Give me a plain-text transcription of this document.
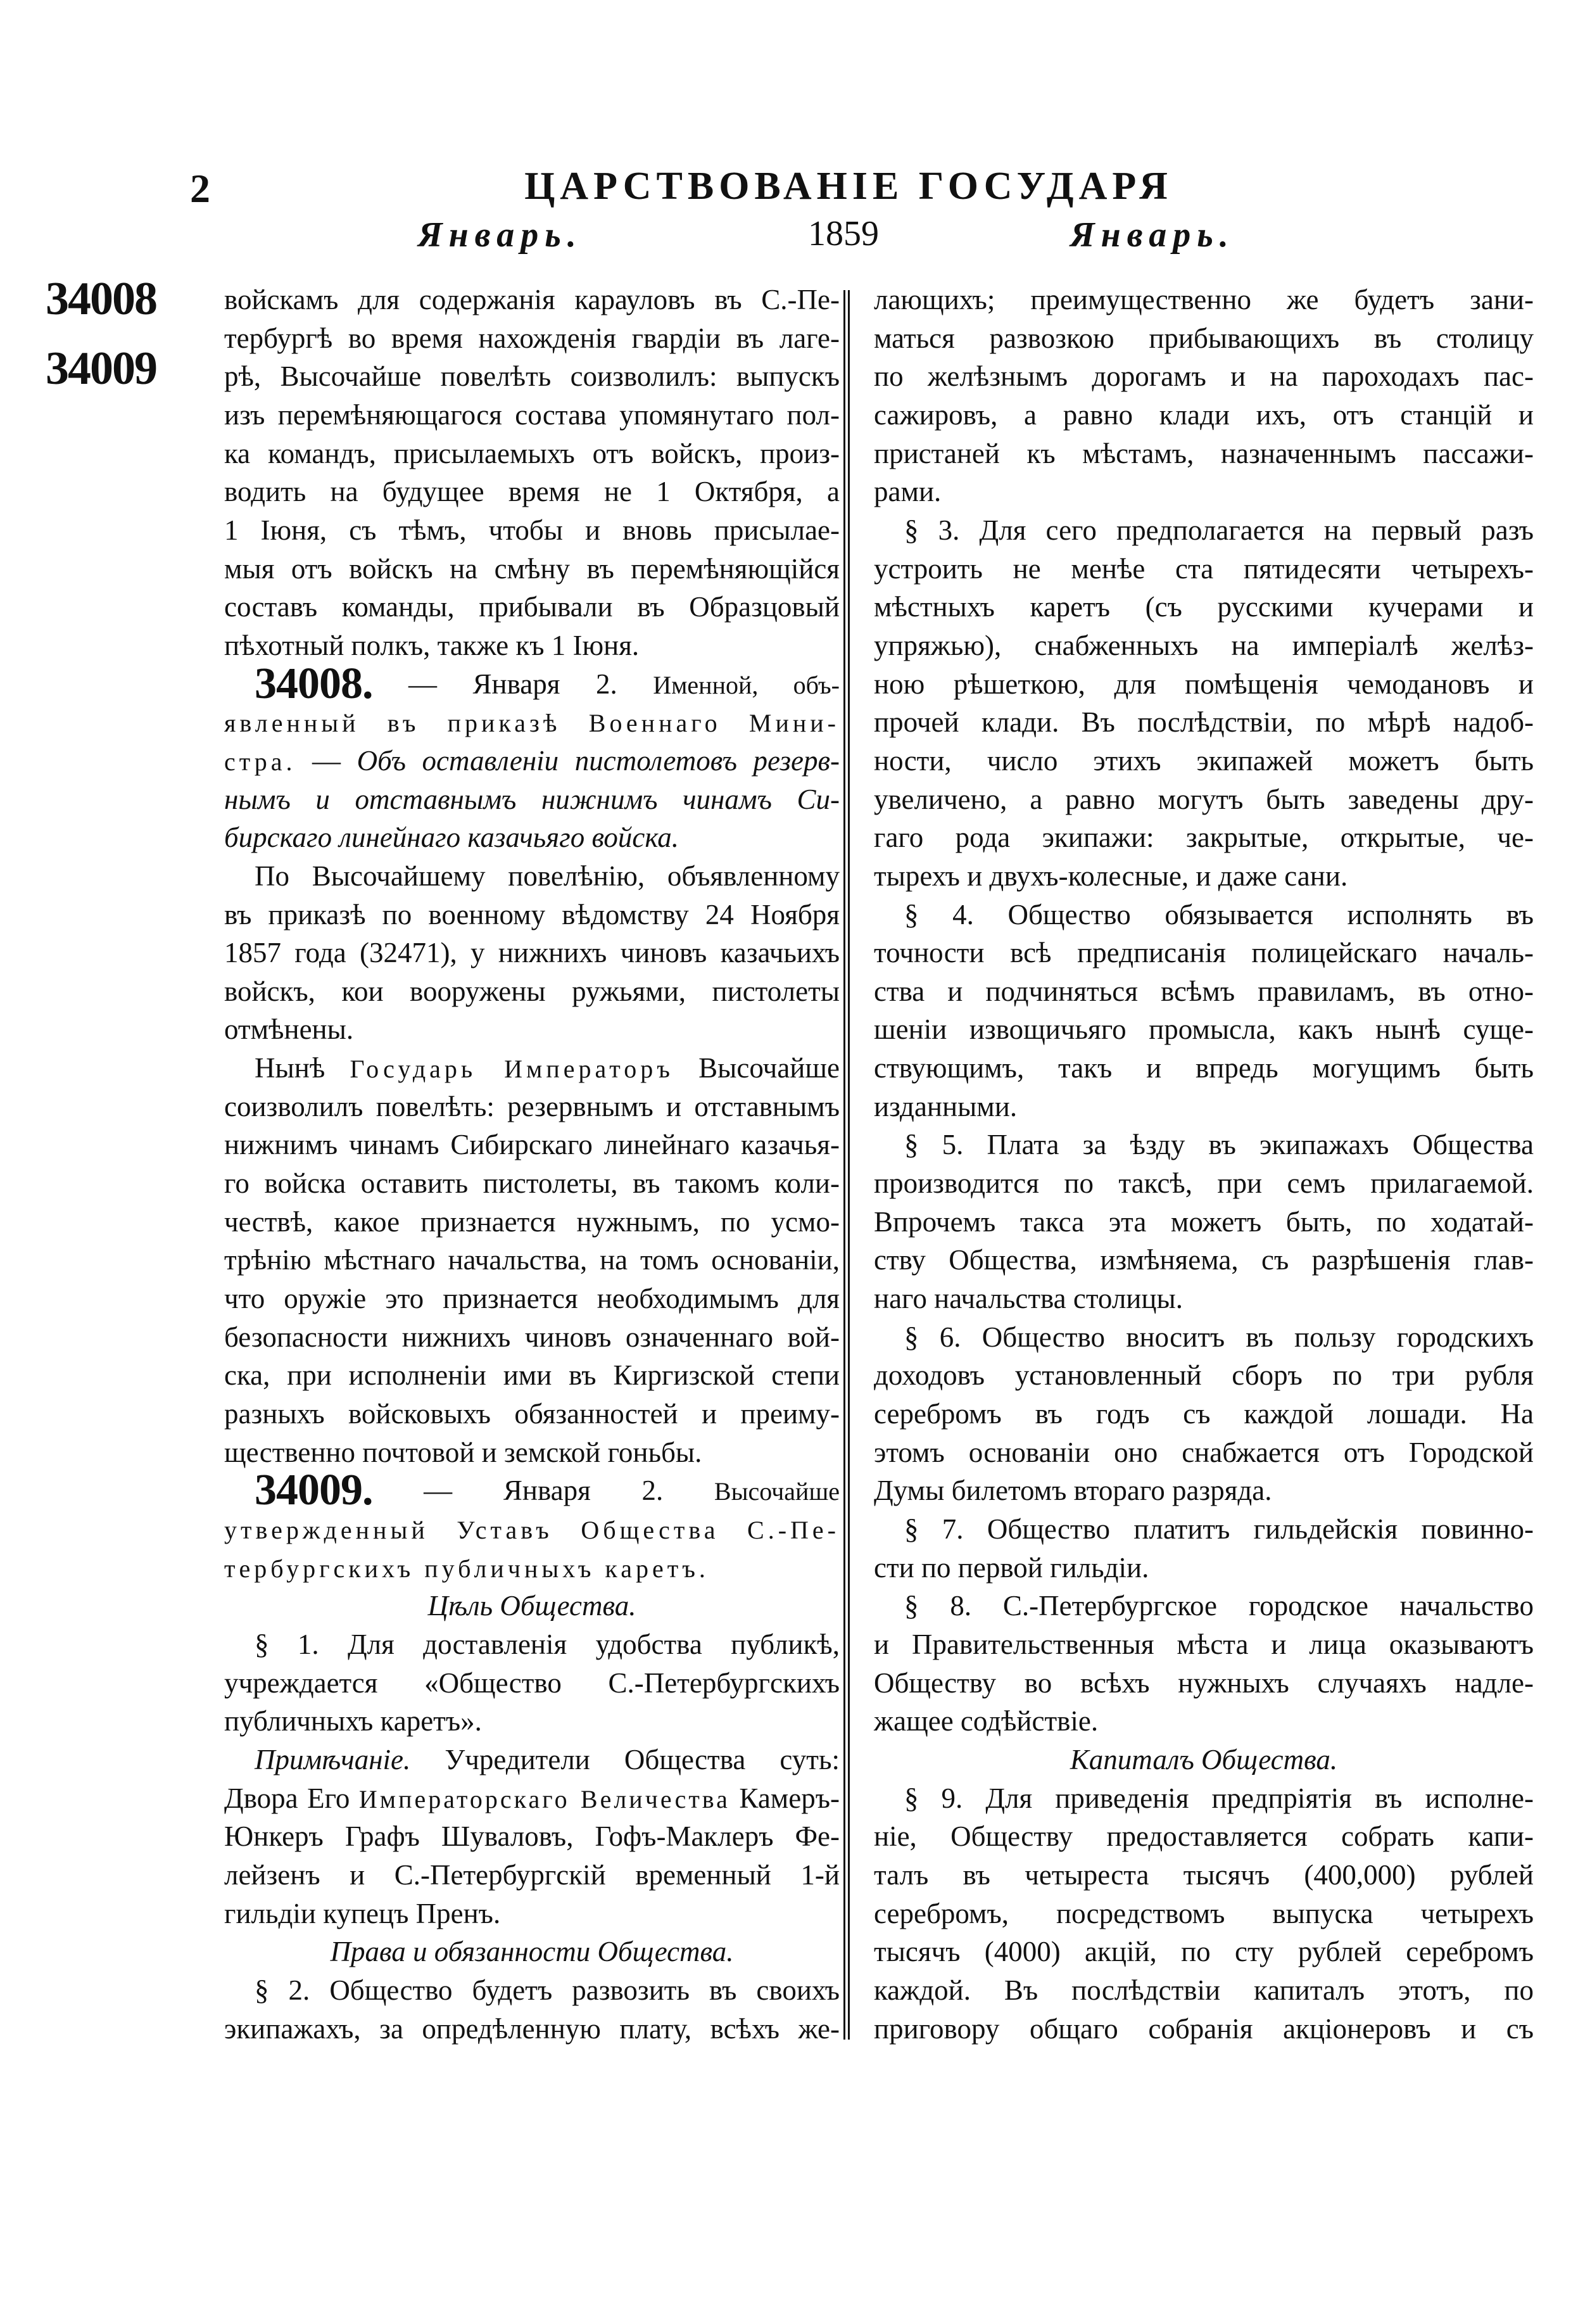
2	ЦАРСТВОВАНІЕ ГОСУДАРЯ
Январь.	1859	Январь.
34008
34009
войскамъ для содержанія карауловъ въ С.-Пе-
тербургѣ во время нахожденія гвардіи въ лаге-
рѣ, Высочайше повелѣть соизволилъ: выпускъ
изъ перемѣняющагося состава упомянутаго пол-
ка командъ, присылаемыхъ отъ войскъ, произ-
водить на будущее время не 1 Октября, а
1 Іюня, съ тѣмъ, чтобы и вновь присылае-
мыя отъ войскъ на смѣну въ перемѣняющійся
составъ команды, прибывали въ Образцовый
пѣхотный полкъ, также къ 1 Іюня.
34008. — Января 2. Именной, объ-
явленный въ приказѣ Военнаго Мини-
стра. — Объ оставленіи пистолетовъ резерв-
нымъ и отставнымъ нижнимъ чинамъ Си-
бирскаго линейнаго казачьяго войска.
По Высочайшему повелѣнію, объявленному
въ приказѣ по военному вѣдомству 24 Ноября
1857 года (32471), у нижнихъ чиновъ казачьихъ
войскъ, кои вооружены ружьями, пистолеты
отмѣнены.
Нынѣ Государь Императоръ Высочайше
соизволилъ повелѣть: резервнымъ и отставнымъ
нижнимъ чинамъ Сибирскаго линейнаго казачья-
го войска оставить пистолеты, въ такомъ коли-
чествѣ, какое признается нужнымъ, по усмо-
трѣнію мѣстнаго начальства, на томъ основаніи,
что оружіе это признается необходимымъ для
безопасности нижнихъ чиновъ означеннаго вой-
ска, при исполненіи ими въ Киргизской степи
разныхъ войсковыхъ обязанностей и преиму-
щественно почтовой и земской гоньбы.
34009. — Января 2. Высочайше
утвержденный Уставъ Общества С.-Пе-
тербургскихъ публичныхъ каретъ.
Цѣль Общества.
§ 1. Для доставленія удобства публикѣ,
учреждается «Общество С.-Петербургскихъ
публичныхъ каретъ».
Примѣчаніе. Учредители Общества суть:
Двора Его Императорскаго Величества Камеръ-
Юнкеръ Графъ Шуваловъ, Гофъ-Маклеръ Фе-
лейзенъ и С.-Петербургскій временный 1-й
гильдіи купецъ Пренъ.
Права и обязанности Общества.
§ 2. Общество будетъ развозить въ своихъ
экипажахъ, за опредѣленную плату, всѣхъ же-
лающихъ; преимущественно же будетъ зани-
маться развозкою прибывающихъ въ столицу
по желѣзнымъ дорогамъ и на пароходахъ пас-
сажировъ, а равно клади ихъ, отъ станцій и
пристаней къ мѣстамъ, назначеннымъ пассажи-
рами.
§ 3. Для сего предполагается на первый разъ
устроить не менѣе ста пятидесяти четырехъ-
мѣстныхъ каретъ (съ русскими кучерами и
упряжью), снабженныхъ на имперіалѣ желѣз-
ною рѣшеткою, для помѣщенія чемодановъ и
прочей клади. Въ послѣдствіи, по мѣрѣ надоб-
ности, число этихъ экипажей можетъ быть
увеличено, а равно могутъ быть заведены дру-
гаго рода экипажи: закрытые, открытые, че-
тырехъ и двухъ-колесные, и даже сани.
§ 4. Общество обязывается исполнять въ
точности всѣ предписанія полицейскаго началь-
ства и подчиняться всѣмъ правиламъ, въ отно-
шеніи извощичьяго промысла, какъ нынѣ суще-
ствующимъ, такъ и впредь могущимъ быть
изданными.
§ 5. Плата за ѣзду въ экипажахъ Общества
производится по таксѣ, при семъ прилагаемой.
Впрочемъ такса эта можетъ быть, по ходатай-
ству Общества, измѣняема, съ разрѣшенія глав-
наго начальства столицы.
§ 6. Общество вноситъ въ пользу городскихъ
доходовъ установленный сборъ по три рубля
серебромъ въ годъ съ каждой лошади. На
этомъ основаніи оно снабжается отъ Городской
Думы билетомъ втораго разряда.
§ 7. Общество платитъ гильдейскія повинно-
сти по первой гильдіи.
§ 8. С.-Петербургское городское начальство
и Правительственныя мѣста и лица оказываютъ
Обществу во всѣхъ нужныхъ случаяхъ надле-
жащее содѣйствіе.
Капиталъ Общества.
§ 9. Для приведенія предпріятія въ исполне-
ніе, Обществу предоставляется собрать капи-
талъ въ четыреста тысячъ (400,000) рублей
серебромъ, посредствомъ выпуска четырехъ
тысячъ (4000) акцій, по сту рублей серебромъ
каждой. Въ послѣдствіи капиталъ этотъ, по
приговору общаго собранія акціонеровъ и съ
